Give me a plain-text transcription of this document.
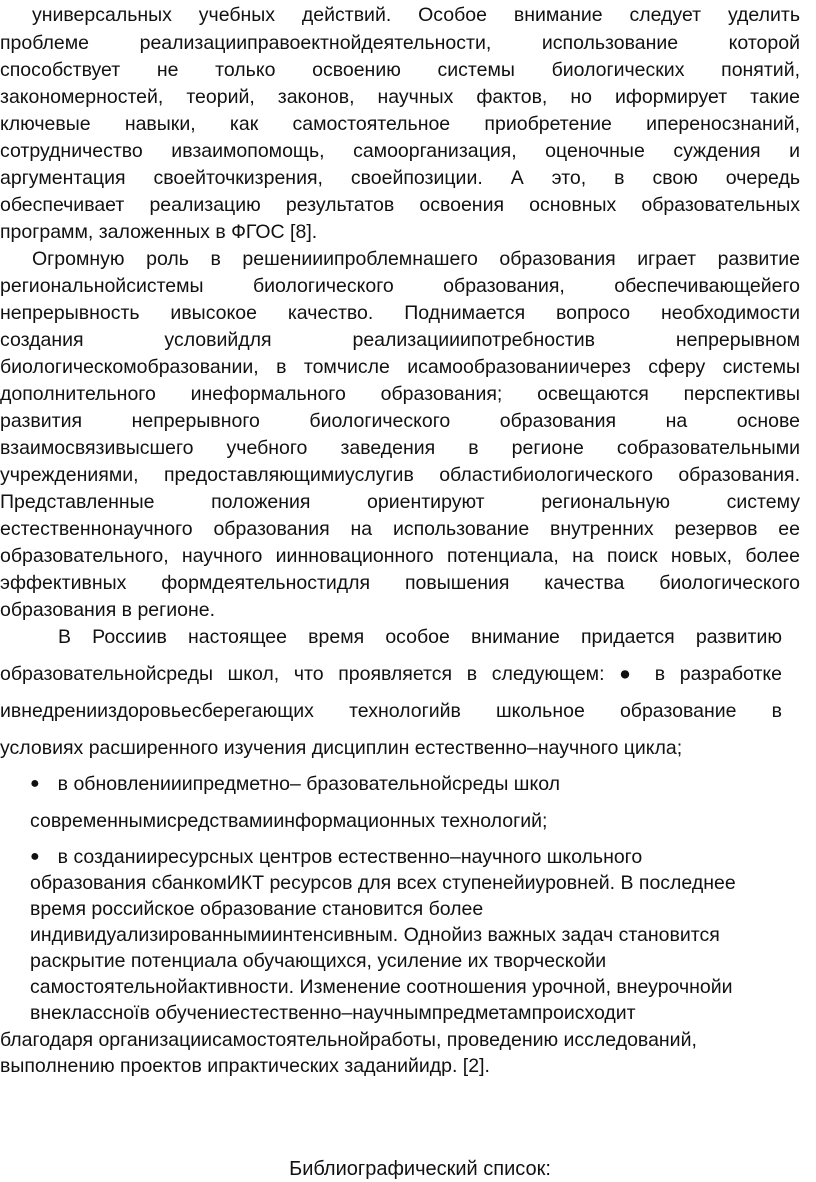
универсальных учебных действий. Особое внимание следует уделить
проблеме реализацииправоектнойдеятельности, использование которой
способствует не только освоению системы биологических понятий,
закономерностей, теорий, законов, научных фактов, но иформирует такие
ключевые навыки, как самостоятельное приобретение ипереносзнаний,
сотрудничество ивзаимопомощь, самоорганизация, оценочные суждения и
аргументация своейточкизрения, своейпозиции. А это, в свою очередь
обеспечивает реализацию результатов освоения основных образовательных
программ, заложенных в ФГОС [8].
Огромную роль в решенииипроблемнашего образования играет развитие
региональнойсистемы биологического образования, обеспечивающейего
непрерывность ивысокое качество. Поднимается вопросо необходимости
создания условийдля реализацииипотребностив непрерывном
биологическомобразовании, в томчисле исамообразованиичерез сферу системы
дополнительного инеформального образования; освещаются перспективы
развития непрерывного биологического образования на основе
взаимосвязивысшего учебного заведения в регионе собразовательными
учреждениями, предоставляющимиуслугив областибиологического образования.
Представленные положения ориентируют региональную систему
естественнонаучного образования на использование внутренних резервов ее
образовательного, научного иинновационного потенциала, на поиск новых, более
эффективных формдеятельностидля повышения качества биологического
образования в регионе.
В Россиив настоящее время особое внимание придается развитию
образовательнойсреды школ, что проявляется в следующем: ● в разработке
ивнедренииздоровьесберегающих технологийв школьное образование в
условиях расширенного изучения дисциплин естественно–научного цикла;
● в обновленииипредметно– бразовательнойсреды школ
современнымисредствамиинформационных технологий;
● в созданииресурсных центров естественно–научного школьного
образования сбанкомИКТ ресурсов для всех ступенейиуровней. В последнее
время российское образование становится более
индивидуализированнымиинтенсивным. Однойиз важных задач становится
раскрытие потенциала обучающихся, усиление их творческойи
самостоятельнойактивности. Изменение соотношения урочной, внеурочнойи
внеклассноїв обучениестественно–научнымпредметампроисходит
благодаря организациисамостоятельнойработы, проведению исследований,
выполнению проектов ипрактических заданийидр. [2].
Библиографический список:
